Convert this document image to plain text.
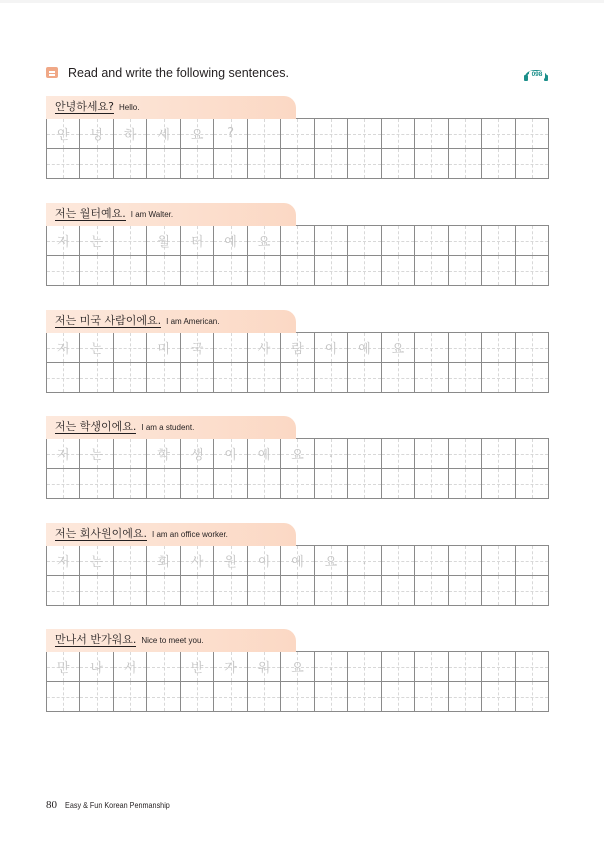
Read and write the following sentences.	098
안녕하세요? Hello.
안 녕 하 세 요 ?
저는 월터예요. I am Walter.
저 는	월 터 예 요 .
저는 미국 사람이에요. I am American.
저 는	미 국	사 람 이 에 요 .
저는 학생이에요. I am a student.
저 는	학 생 이 에 요 .
저는 회사원이에요. I am an office worker.
저 는	회 사 원 이 에 요 .
만나서 반가워요. Nice to meet you.
만 나 서	반 가 워 요 .
80 Easy & Fun Korean Penmanship
